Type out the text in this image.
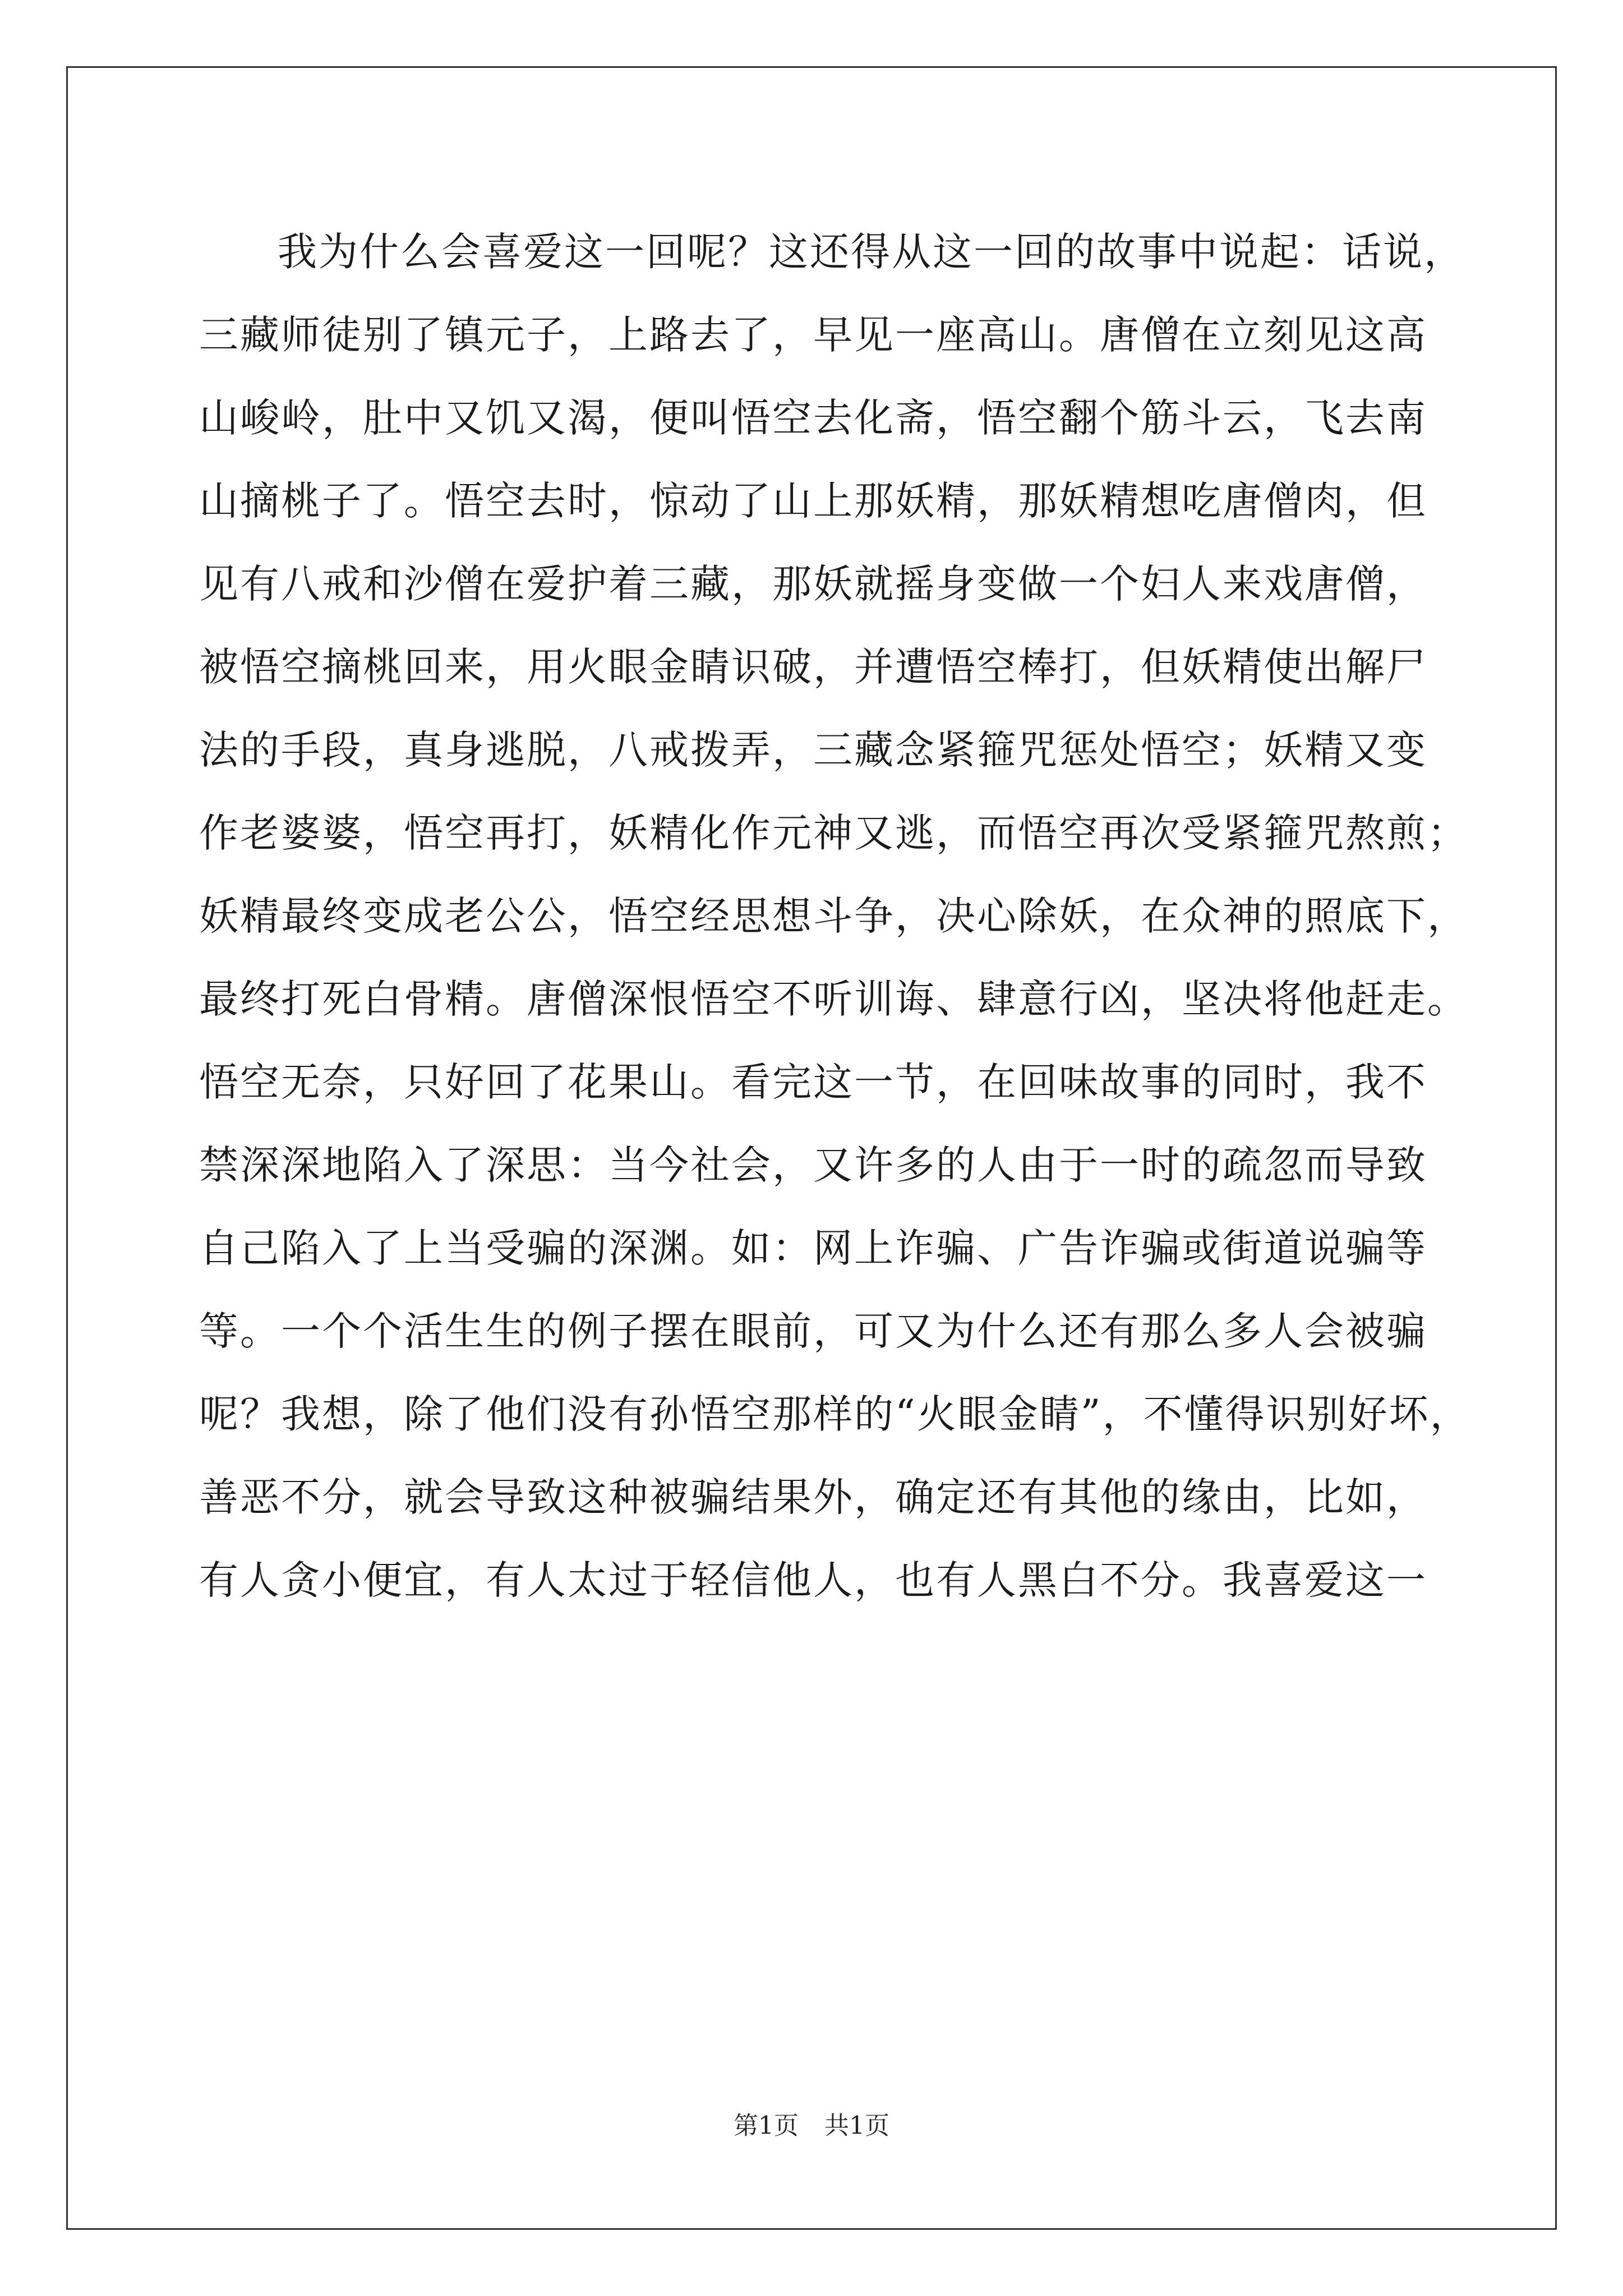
我为什么会喜爱这一回呢？这还得从这一回的故事中说起：话说，
三藏师徒别了镇元子，上路去了，早见一座高山。唐僧在立刻见这高
山峻岭，肚中又饥又渴，便叫悟空去化斋，悟空翻个筋斗云，飞去南
山摘桃子了。悟空去时，惊动了山上那妖精，那妖精想吃唐僧肉，但
见有八戒和沙僧在爱护着三藏，那妖就摇身变做一个妇人来戏唐僧，
被悟空摘桃回来，用火眼金睛识破，并遭悟空棒打，但妖精使出解尸
法的手段，真身逃脱，八戒拨弄，三藏念紧箍咒惩处悟空；妖精又变
作老婆婆，悟空再打，妖精化作元神又逃，而悟空再次受紧箍咒熬煎；
妖精最终变成老公公，悟空经思想斗争，决心除妖，在众神的照底下，
最终打死白骨精。唐僧深恨悟空不听训诲、肆意行凶，坚决将他赶走。
悟空无奈，只好回了花果山。看完这一节，在回味故事的同时，我不
禁深深地陷入了深思：当今社会，又许多的人由于一时的疏忽而导致
自己陷入了上当受骗的深渊。如：网上诈骗、广告诈骗或街道说骗等
等。一个个活生生的例子摆在眼前，可又为什么还有那么多人会被骗
呢？我想，除了他们没有孙悟空那样的“火眼金睛”，不懂得识别好坏，
善恶不分，就会导致这种被骗结果外，确定还有其他的缘由，比如，
有人贪小便宜，有人太过于轻信他人，也有人黑白不分。我喜爱这一
第1页 共1页
